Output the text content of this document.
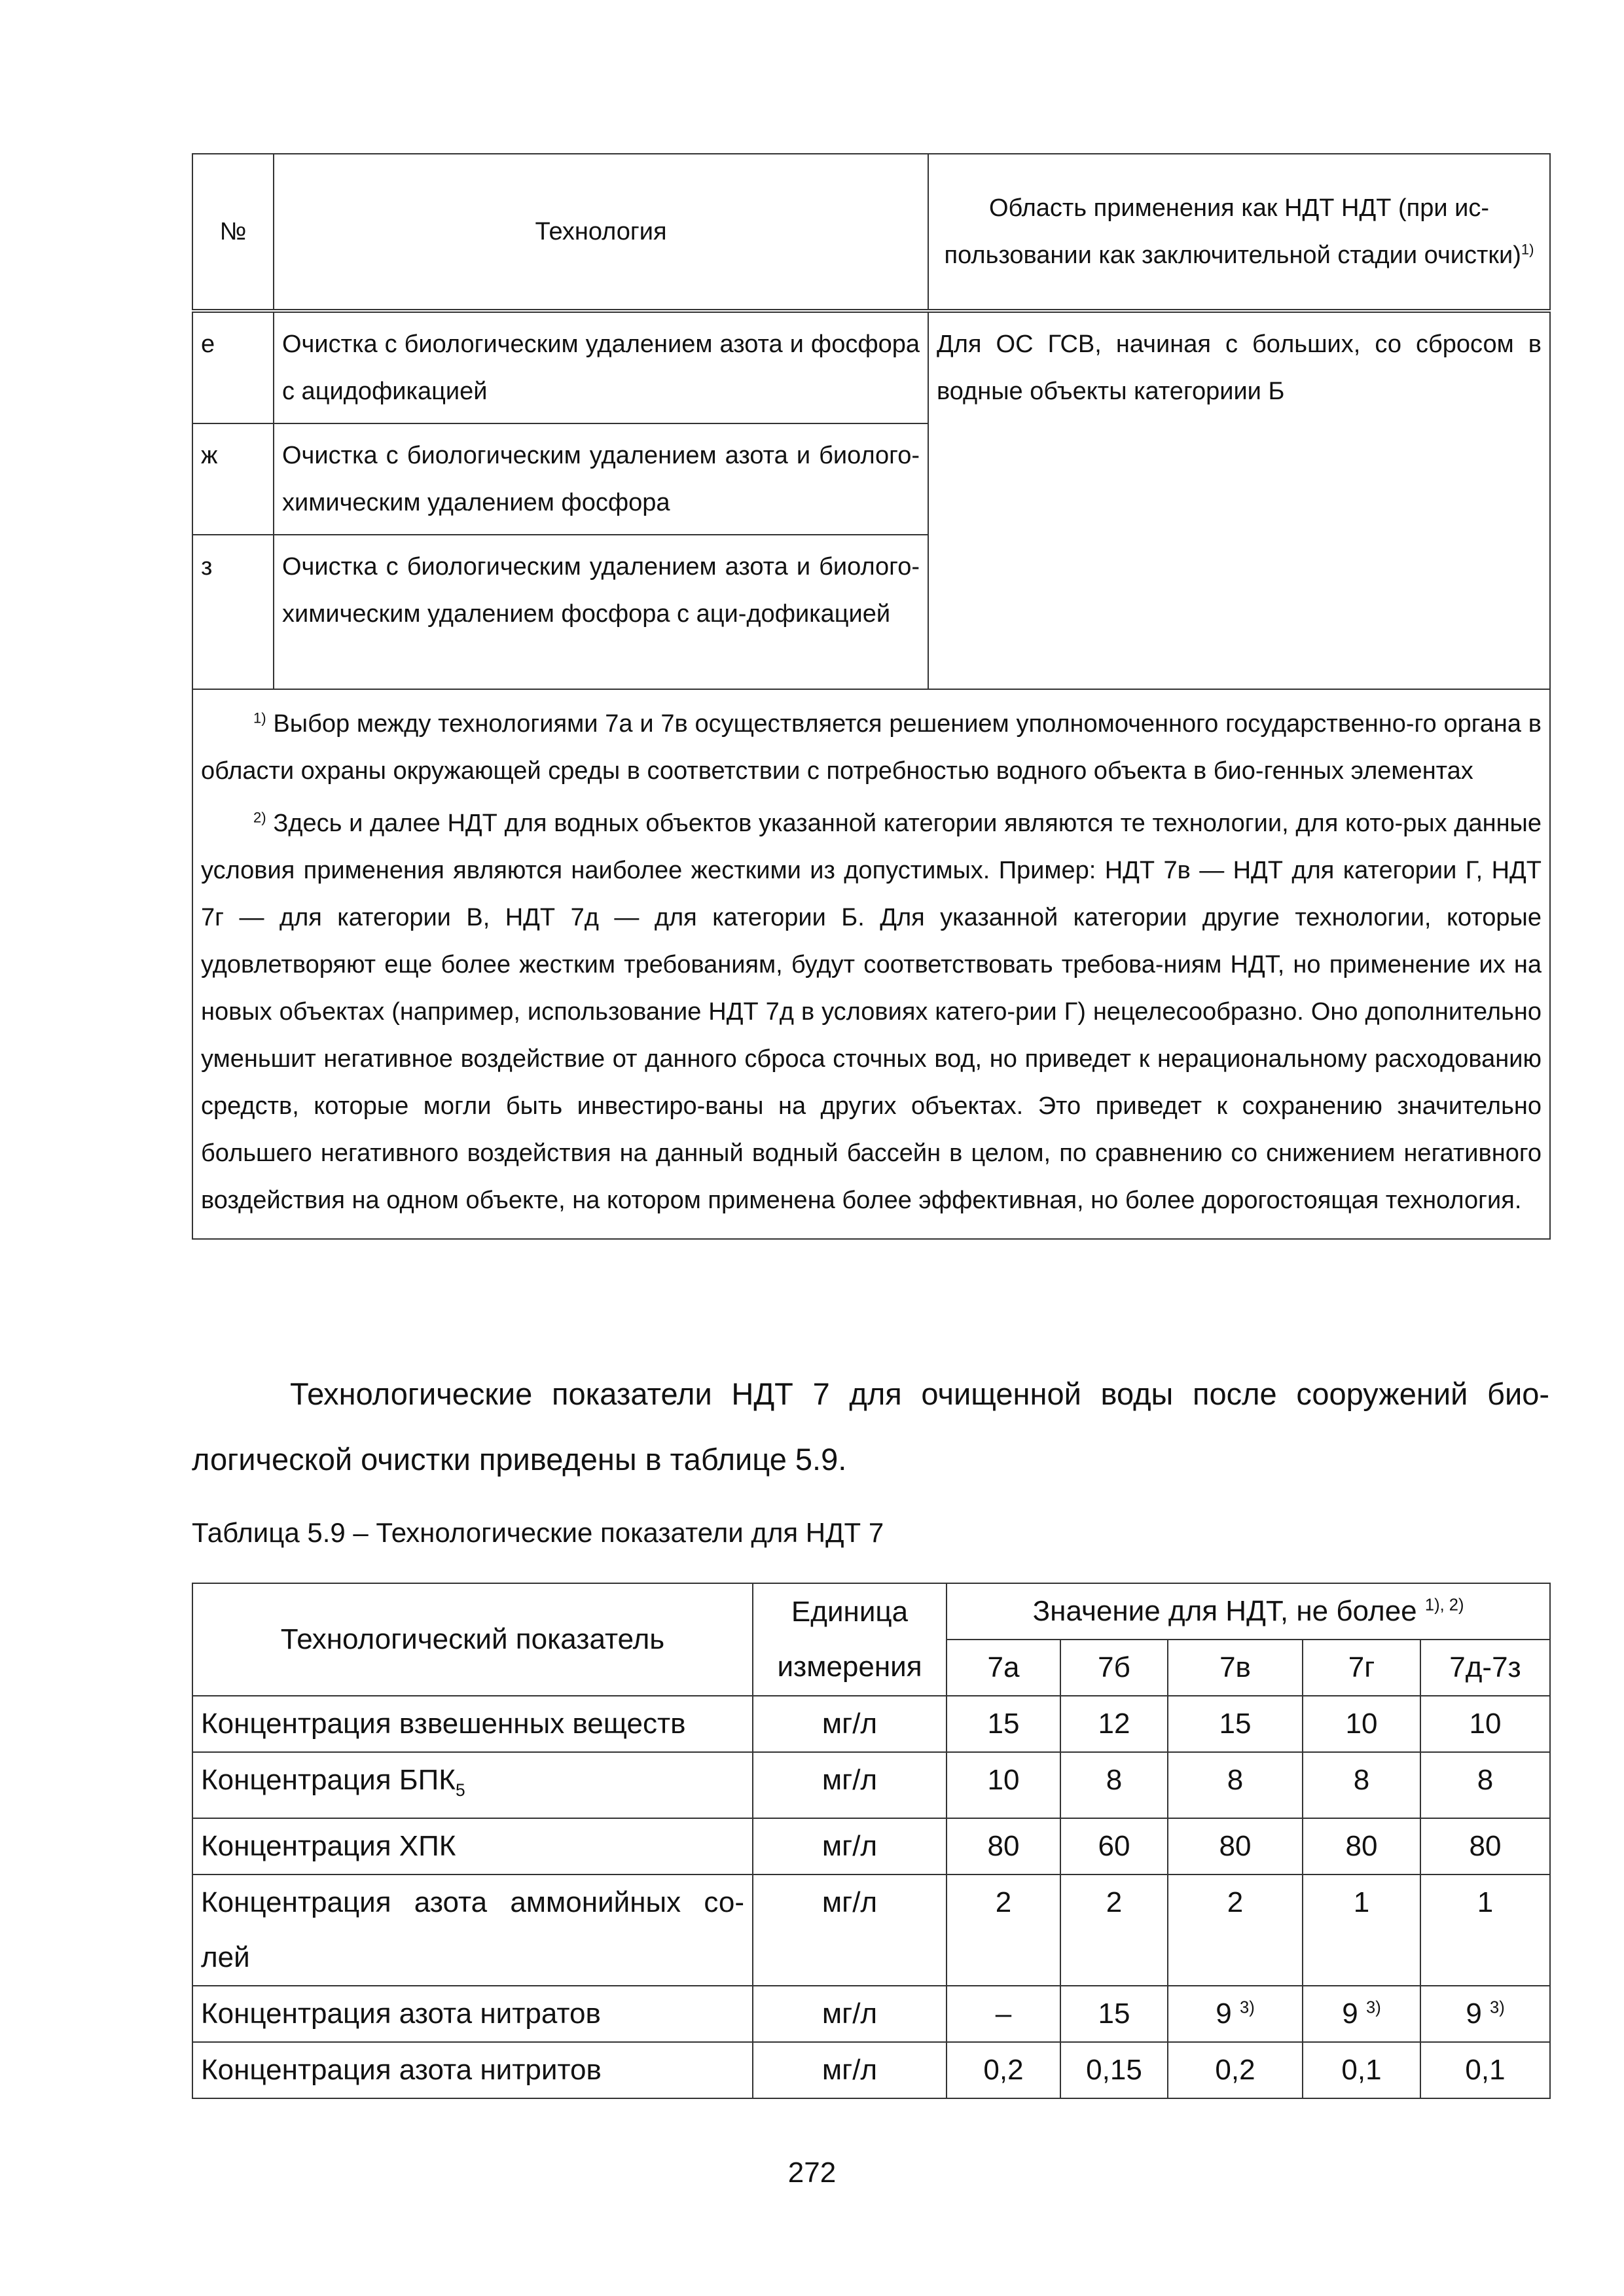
№	Технология	Область применения как НДТ НДТ (при ис-пользовании как заключительной стадии очистки)$^{1)}$
е	Очистка с биологическим удалением азота и фосфора с ацидофикацией	Для ОС ГСВ, начиная с больших, со сбросом в водные объекты категориии Б
ж	Очистка с биологическим удалением азота и биолого-химическим удалением фосфора	
з	Очистка с биологическим удалением азота и биолого-химическим удалением фосфора с аци-дофикацией	

$^{1)}$ Выбор между технологиями 7а и 7в осуществляется решением уполномоченного государственно-го органа в области охраны окружающей среды в соответствии с потребностью водного объекта в био-генных элементах

$^{2)}$ Здесь и далее НДТ для водных объектов указанной категории являются те технологии, для кото-рых данные условия применения являются наиболее жесткими из допустимых. Пример: НДТ 7в — НДТ для категории Г, НДТ 7г — для категории В, НДТ 7д — для категории Б. Для указанной категории другие технологии, которые удовлетворяют еще более жестким требованиям, будут соответствовать требова-ниям НДТ, но применение их на новых объектах (например, использование НДТ 7д в условиях катего-рии Г) нецелесообразно. Оно дополнительно уменьшит негативное воздействие от данного сброса сточных вод, но приведет к нерациональному расходованию средств, которые могли быть инвестиро-ваны на других объектах. Это приведет к сохранению значительно большего негативного воздействия на данный водный бассейн в целом, по сравнению со снижением негативного воздействия на одном объекте, на котором применена более эффективная, но более дорогостоящая технология.		

Технологические показатели НДТ 7 для очищенной воды после сооружений био-логической очистки приведены в таблице 5.9.

Таблица 5.9 – Технологические показатели для НДТ 7

Технологический показатель	Единица измерения	Значение для НДТ, не более $^{1), 2)}$
		7а	7б	7в	7г	7д-7з
Концентрация взвешенных веществ	мг/л	15	12	15	10	10
Концентрация $БПК_5$	мг/л	10	8	8	8	8
Концентрация ХПК	мг/л	80	60	80	80	80
Концентрация азота аммонийных со-лей	мг/л	2	2	2	1	1
Концентрация азота нитратов	мг/л	–	15	9 $^{3)}$	9 $^{3)}$	9 $^{3)}$
Концентрация азота нитритов	мг/л	0,2	0,15	0,2	0,1	0,1

272
